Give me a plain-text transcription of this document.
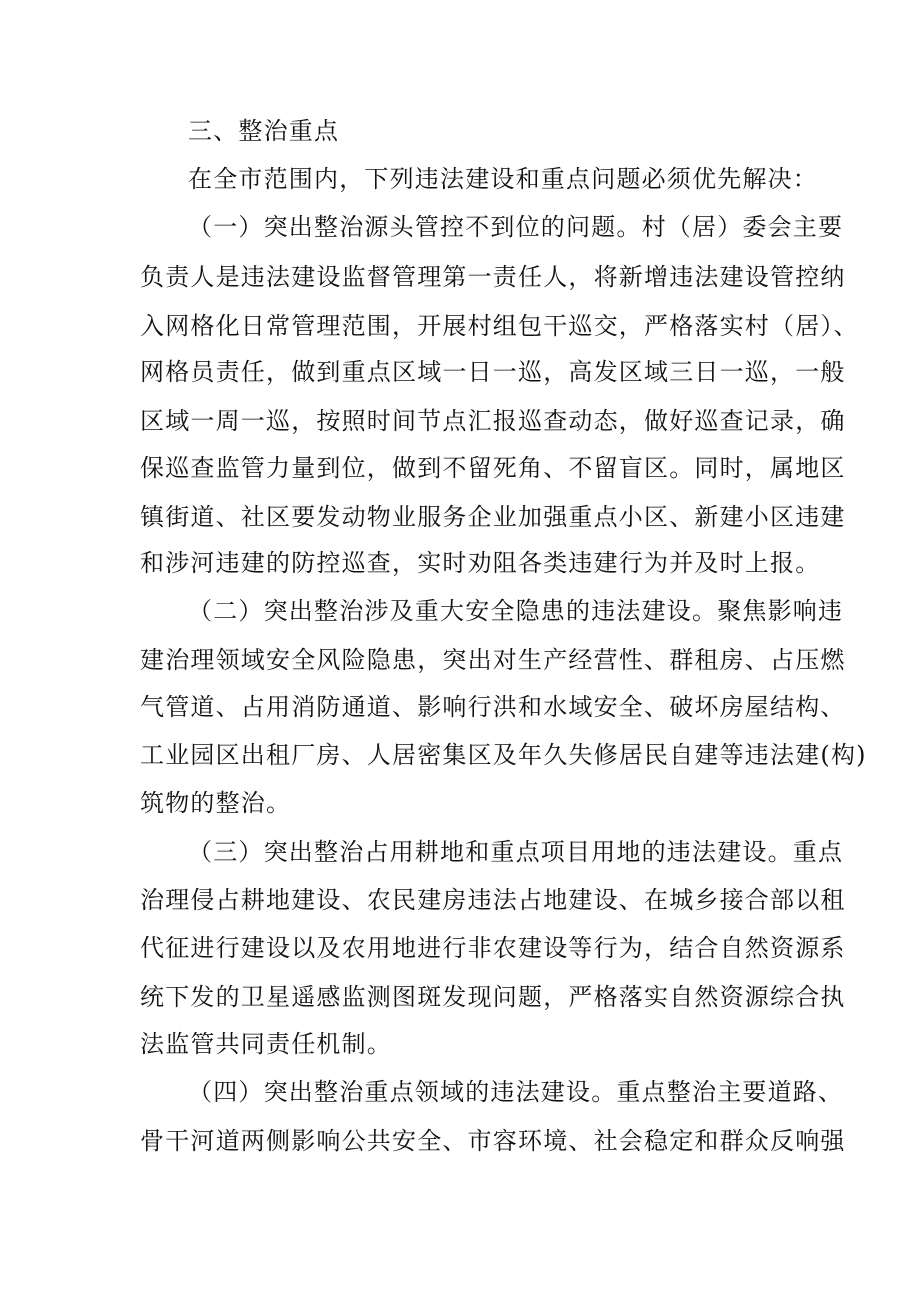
三、整治重点
在全市范围内，下列违法建设和重点问题必须优先解决：
（一）突出整治源头管控不到位的问题。村（居）委会主要
负责人是违法建设监督管理第一责任人，将新增违法建设管控纳
入网格化日常管理范围，开展村组包干巡交，严格落实村（居）、
网格员责任，做到重点区域一日一巡，高发区域三日一巡，一般
区域一周一巡，按照时间节点汇报巡查动态，做好巡查记录，确
保巡查监管力量到位，做到不留死角、不留盲区。同时，属地区
镇街道、社区要发动物业服务企业加强重点小区、新建小区违建
和涉河违建的防控巡查，实时劝阻各类违建行为并及时上报。
（二）突出整治涉及重大安全隐患的违法建设。聚焦影响违
建治理领域安全风险隐患，突出对生产经营性、群租房、占压燃
气管道、占用消防通道、影响行洪和水域安全、破坏房屋结构、
工业园区出租厂房、人居密集区及年久失修居民自建等违法建(构)
筑物的整治。
（三）突出整治占用耕地和重点项目用地的违法建设。重点
治理侵占耕地建设、农民建房违法占地建设、在城乡接合部以租
代征进行建设以及农用地进行非农建设等行为，结合自然资源系
统下发的卫星遥感监测图斑发现问题，严格落实自然资源综合执
法监管共同责任机制。
（四）突出整治重点领域的违法建设。重点整治主要道路、
骨干河道两侧影响公共安全、市容环境、社会稳定和群众反响强
